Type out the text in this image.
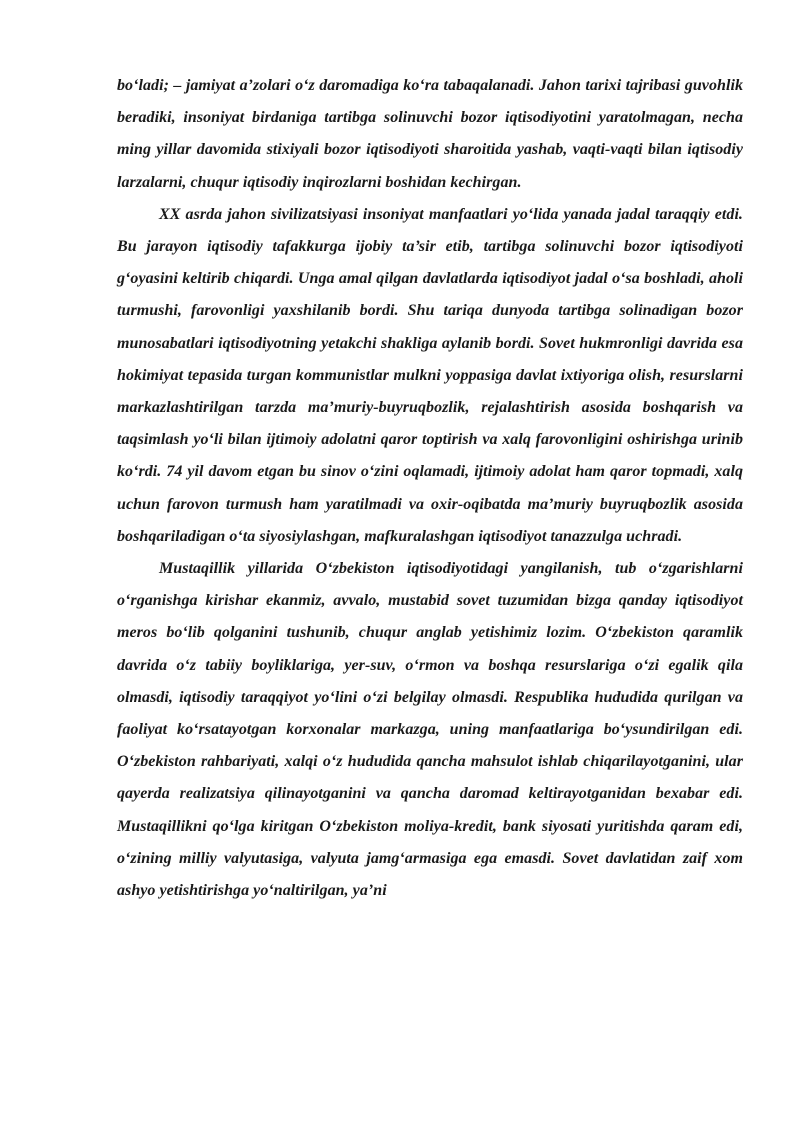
bo‘ladi; – jamiyat a’zolari o‘z daromadiga ko‘ra tabaqalanadi. Jahon tarixi tajribasi guvohlik beradiki, insoniyat birdaniga tartibga solinuvchi bozor iqtisodiyotini yaratolmagan, necha ming yillar davomida stixiyali bozor iqtisodiyoti sharoitida yashab, vaqti-vaqti bilan iqtisodiy larzalarni, chuqur iqtisodiy inqirozlarni boshidan kechirgan.

XX asrda jahon sivilizatsiyasi insoniyat manfaatlari yo‘lida yanada jadal taraqqiy etdi. Bu jarayon iqtisodiy tafakkurga ijobiy ta’sir etib, tartibga solinuvchi bozor iqtisodiyoti g‘oyasini keltirib chiqardi. Unga amal qilgan davlatlarda iqtisodiyot jadal o‘sa boshladi, aholi turmushi, farovonligi yaxshilanib bordi. Shu tariqa dunyoda tartibga solinadigan bozor munosabatlari iqtisodiyotning yetakchi shakliga aylanib bordi. Sovet hukmronligi davrida esa hokimiyat tepasida turgan kommunistlar mulkni yoppasiga davlat ixtiyoriga olish, resurslarni markazlashtirilgan tarzda ma’muriy-buyruqbozlik, rejalashtirish asosida boshqarish va taqsimlash yo‘li bilan ijtimoiy adolatni qaror toptirish va xalq farovonligini oshirishga urinib ko‘rdi. 74 yil davom etgan bu sinov o‘zini oqlamadi, ijtimoiy adolat ham qaror topmadi, xalq uchun farovon turmush ham yaratilmadi va oxir-oqibatda ma’muriy buyruqbozlik asosida boshqariladigan o‘ta siyosiylashgan, mafkuralashgan iqtisodiyot tanazzulga uchradi.

Mustaqillik yillarida O‘zbekiston iqtisodiyotidagi yangilanish, tub o‘zgarishlarni o‘rganishga kirishar ekanmiz, avvalo, mustabid sovet tuzumidan bizga qanday iqtisodiyot meros bo‘lib qolganini tushunib, chuqur anglab yetishimiz lozim. O‘zbekiston qaramlik davrida o‘z tabiiy boyliklariga, yer-suv, o‘rmon va boshqa resurslariga o‘zi egalik qila olmasdi, iqtisodiy taraqqiyot yo‘lini o‘zi belgilay olmasdi. Respublika hududida qurilgan va faoliyat ko‘rsatayotgan korxonalar markazga, uning manfaatlariga bo‘ysundirilgan edi. O‘zbekiston rahbariyati, xalqi o‘z hududida qancha mahsulot ishlab chiqarilayotganini, ular qayerda realizatsiya qilinayotganini va qancha daromad keltirayotganidan bexabar edi. Mustaqillikni qo‘lga kiritgan O‘zbekiston moliya-kredit, bank siyosati yuritishda qaram edi, o‘zining milliy valyutasiga, valyuta jamg‘armasiga ega emasdi. Sovet davlatidan zaif xom ashyo yetishtirishga yo‘naltirilgan, ya’ni
